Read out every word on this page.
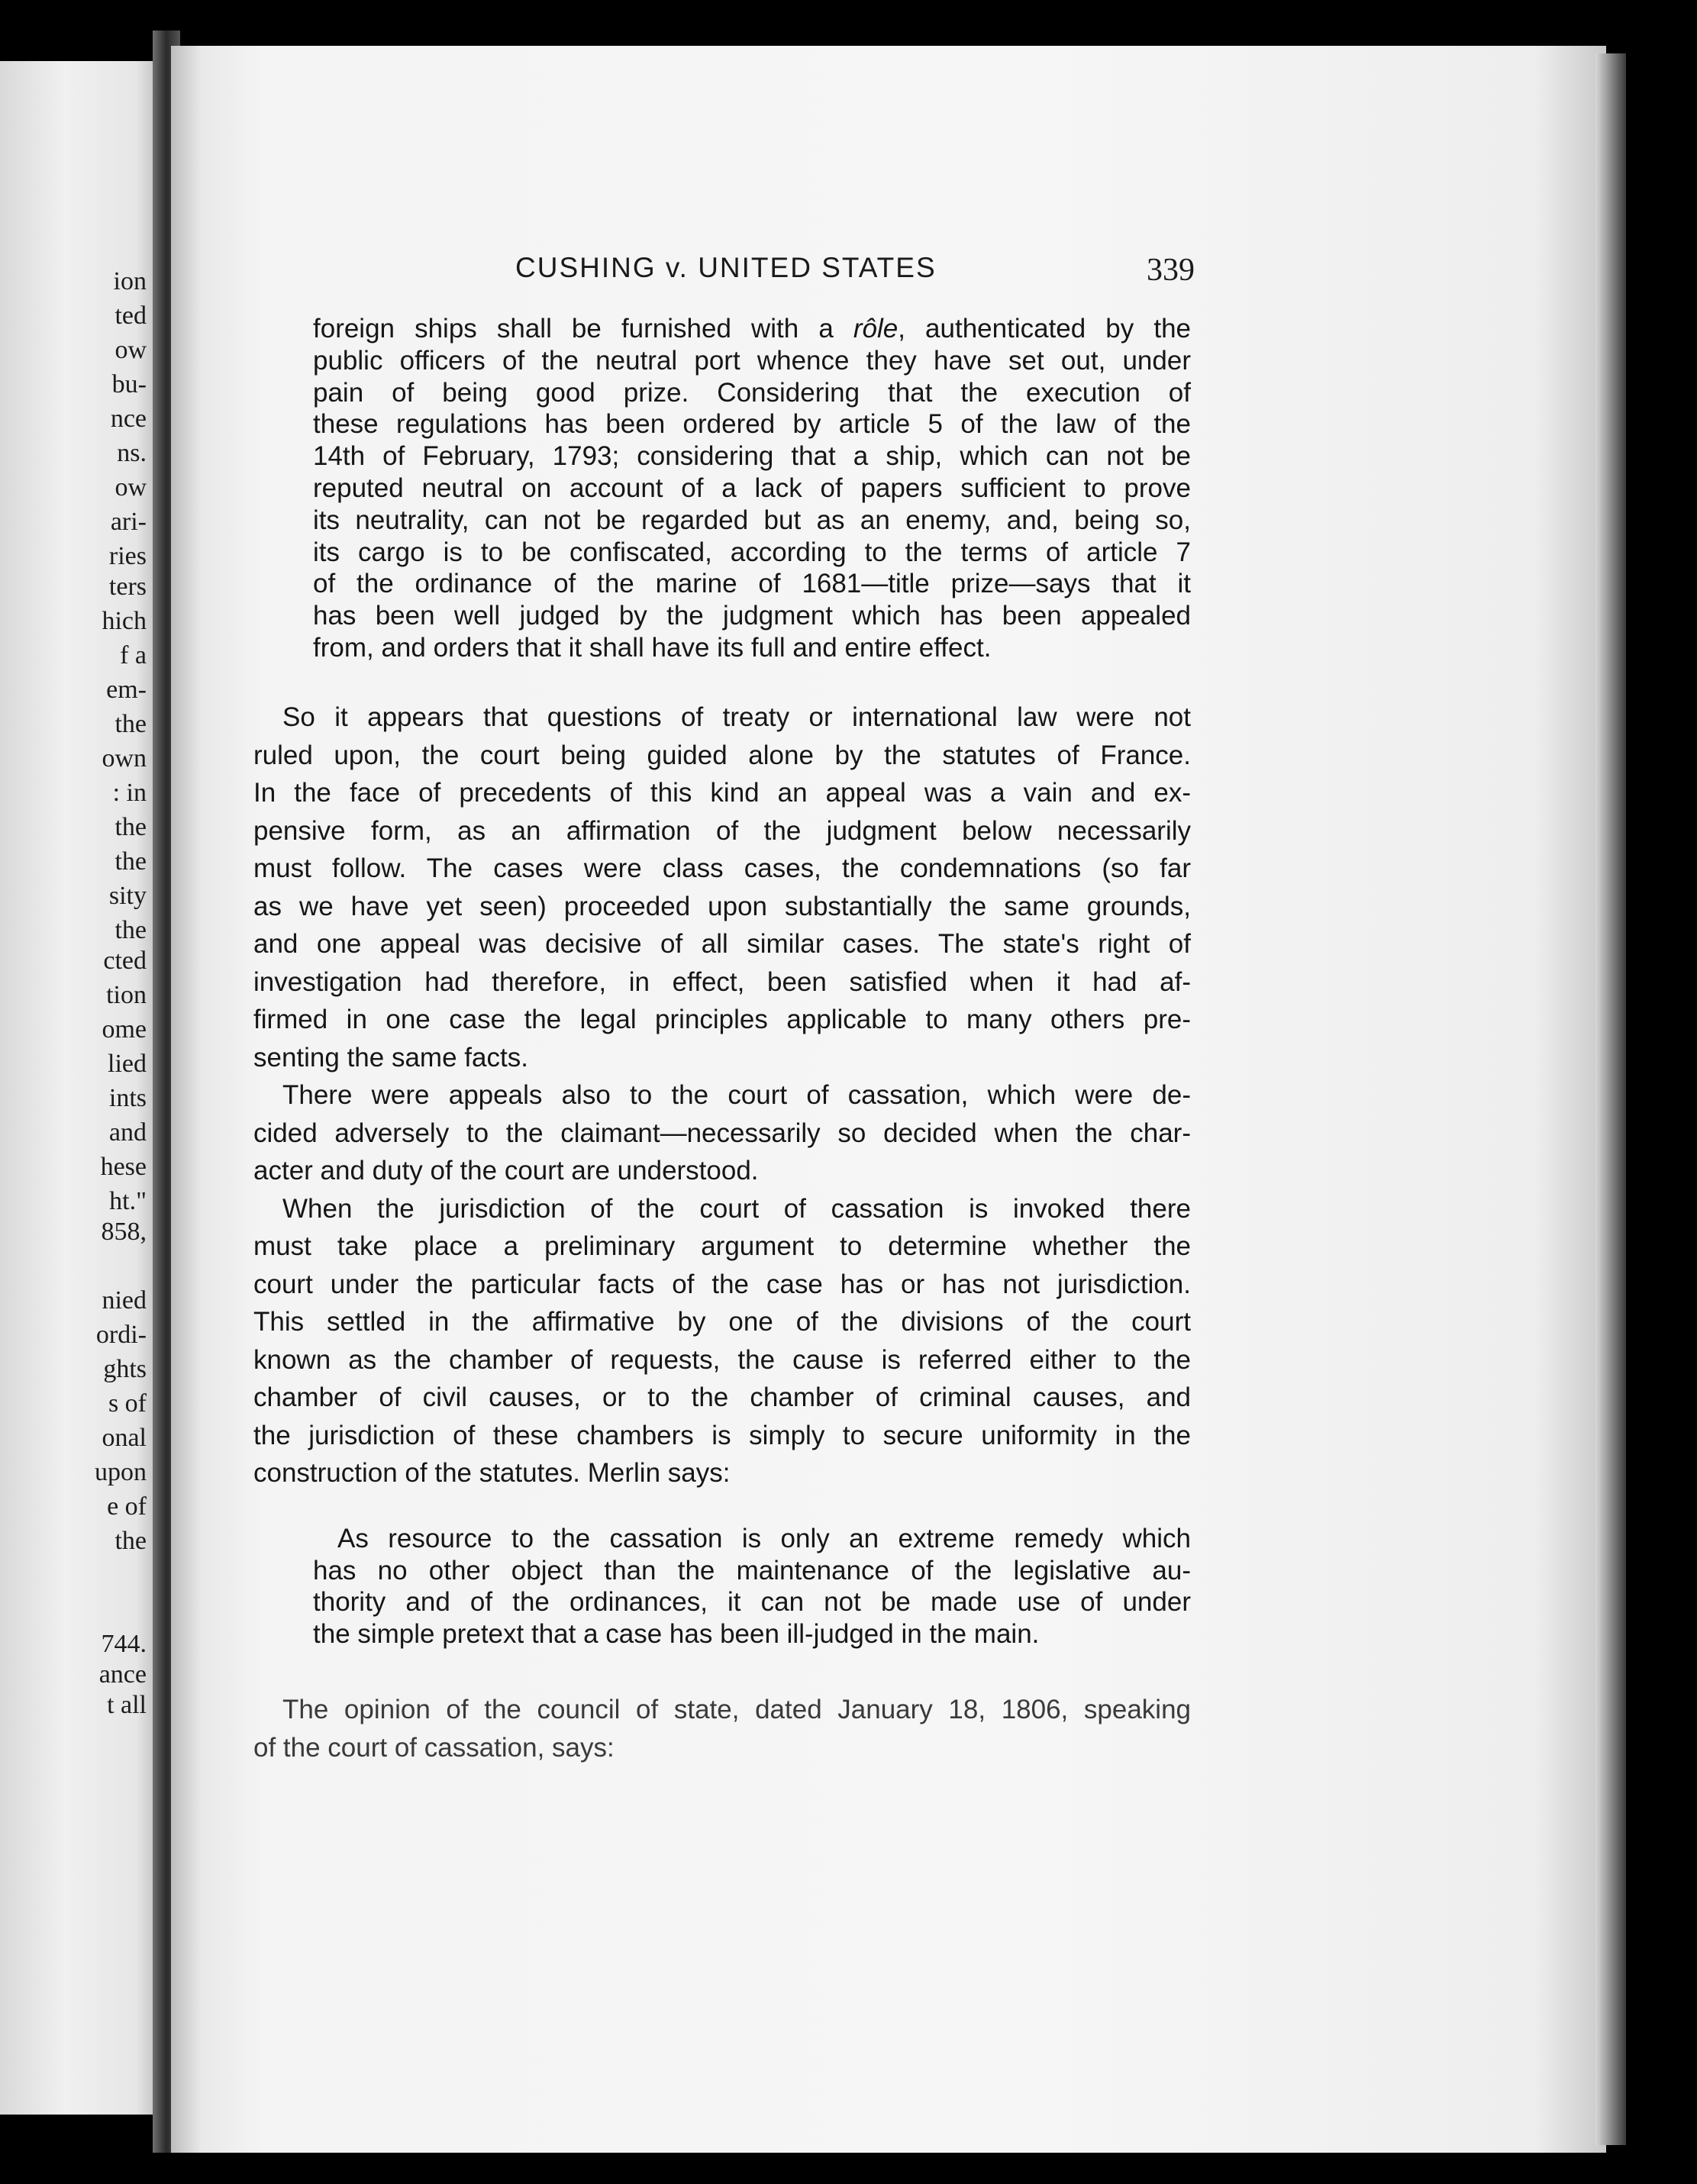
ion
ted
ow
bu-
nce
ns.
ow
ari-
ries
ters
hich
f a
em-
the
own
: in
the
the
sity
the
cted
tion
ome
lied
ints
and
hese
ht."
858,
nied
ordi-
ghts
s of
onal
upon
e of
the
744.
ance
t all
CUSHING v. UNITED STATES	339
foreign ships shall be furnished with a rôle, authenticated by the
public officers of the neutral port whence they have set out, under
pain of being good prize. Considering that the execution of
these regulations has been ordered by article 5 of the law of the
14th of February, 1793; considering that a ship, which can not be
reputed neutral on account of a lack of papers sufficient to prove
its neutrality, can not be regarded but as an enemy, and, being so,
its cargo is to be confiscated, according to the terms of article 7
of the ordinance of the marine of 1681—title prize—says that it
has been well judged by the judgment which has been appealed
from, and orders that it shall have its full and entire effect.
So it appears that questions of treaty or international law were not
ruled upon, the court being guided alone by the statutes of France.
In the face of precedents of this kind an appeal was a vain and ex-
pensive form, as an affirmation of the judgment below necessarily
must follow. The cases were class cases, the condemnations (so far
as we have yet seen) proceeded upon substantially the same grounds,
and one appeal was decisive of all similar cases. The state's right of
investigation had therefore, in effect, been satisfied when it had af-
firmed in one case the legal principles applicable to many others pre-
senting the same facts.
There were appeals also to the court of cassation, which were de-
cided adversely to the claimant—necessarily so decided when the char-
acter and duty of the court are understood.
When the jurisdiction of the court of cassation is invoked there
must take place a preliminary argument to determine whether the
court under the particular facts of the case has or has not jurisdiction.
This settled in the affirmative by one of the divisions of the court
known as the chamber of requests, the cause is referred either to the
chamber of civil causes, or to the chamber of criminal causes, and
the jurisdiction of these chambers is simply to secure uniformity in the
construction of the statutes. Merlin says:
As resource to the cassation is only an extreme remedy which
has no other object than the maintenance of the legislative au-
thority and of the ordinances, it can not be made use of under
the simple pretext that a case has been ill-judged in the main.
The opinion of the council of state, dated January 18, 1806, speaking
of the court of cassation, says:
